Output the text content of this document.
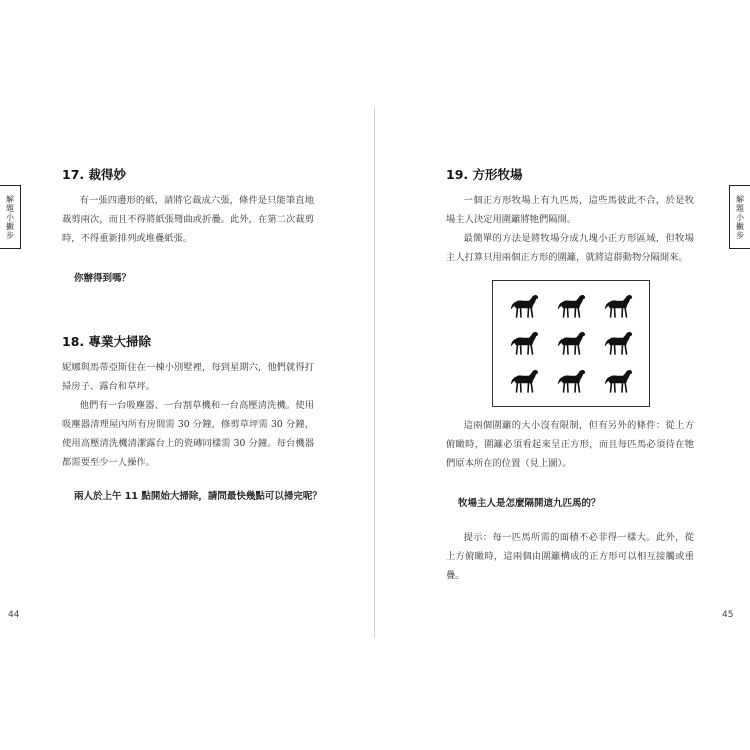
解題小撇步
17. 裁得妙

有一張四邊形的紙，請將它裁成六張，條件是只能筆直地裁剪兩次，而且不得將紙張彎曲或折疊。此外，在第二次裁剪時，不得重新排列或堆疊紙張。

你辦得到嗎？

18. 專業大掃除

妮娜與馬蒂亞斯住在一棟小別墅裡，每到星期六，他們就得打掃房子、露台和草坪。

他們有一台吸塵器、一台割草機和一台高壓清洗機。使用吸塵器清理屋內所有房間需 30 分鐘，修剪草坪需 30 分鐘，使用高壓清洗機清潔露台上的瓷磚同樣需 30 分鐘。每台機器都需要至少一人操作。

兩人於上午 11 點開始大掃除，請問最快幾點可以掃完呢？

44
解題小撇步
19. 方形牧場

一個正方形牧場上有九匹馬，這些馬彼此不合，於是牧場主人決定用圍籬將牠們隔開。

最簡單的方法是將牧場分成九塊小正方形區域，但牧場主人打算只用兩個正方形的圍籬，就將這群動物分隔開來。

這兩個圍籬的大小沒有限制，但有另外的條件：從上方俯瞰時，圍籬必須看起來呈正方形，而且每匹馬必須待在牠們原本所在的位置（見上圖）。

牧場主人是怎麼隔開這九匹馬的？

提示：每一匹馬所需的面積不必非得一樣大。此外，從上方俯瞰時，這兩個由圍籬構成的正方形可以相互接觸或重疊。

45
